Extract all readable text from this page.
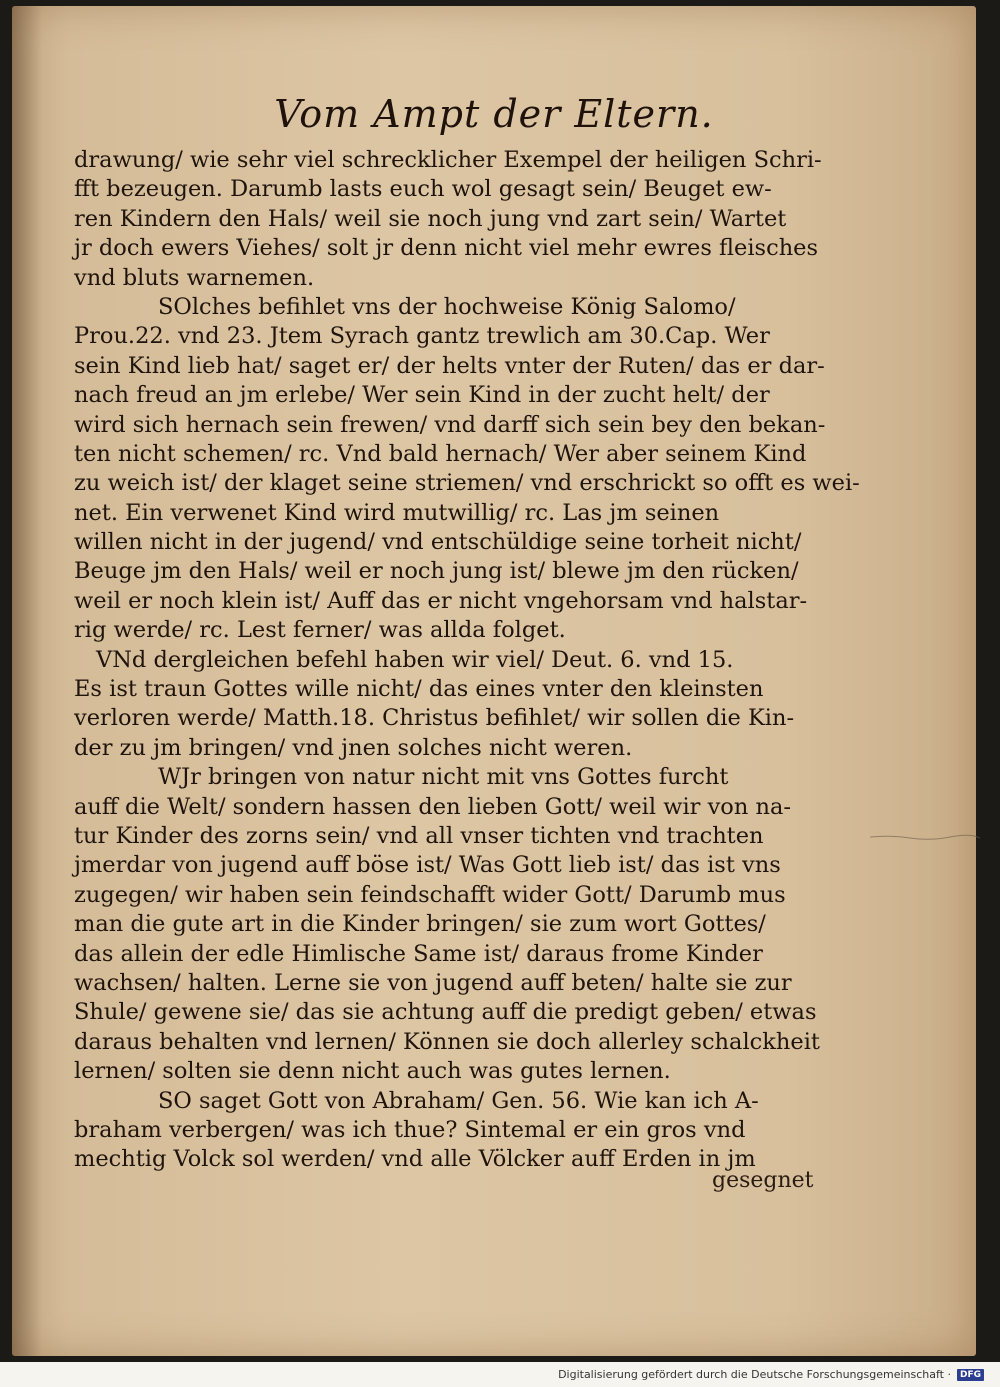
Vom Ampt der Eltern.
drawung/ wie sehr viel schrecklicher Exempel der heiligen Schri-
fft bezeugen. Darumb lasts euch wol gesagt sein/ Beuget ew-
ren Kindern den Hals/ weil sie noch jung vnd zart sein/ Wartet
jr doch ewers Viehes/ solt jr denn nicht viel mehr ewres fleisches
vnd bluts warnemen.
SOlches befihlet vns der hochweise König Salomo/
Prou.22. vnd 23. Jtem Syrach gantz trewlich am 30.Cap. Wer
sein Kind lieb hat/ saget er/ der helts vnter der Ruten/ das er dar-
nach freud an jm erlebe/ Wer sein Kind in der zucht helt/ der
wird sich hernach sein frewen/ vnd darff sich sein bey den bekan-
ten nicht schemen/ rc. Vnd bald hernach/ Wer aber seinem Kind
zu weich ist/ der klaget seine striemen/ vnd erschrickt so offt es wei-
net. Ein verwenet Kind wird mutwillig/ rc. Las jm seinen
willen nicht in der jugend/ vnd entschüldige seine torheit nicht/
Beuge jm den Hals/ weil er noch jung ist/ blewe jm den rücken/
weil er noch klein ist/ Auff das er nicht vngehorsam vnd halstar-
rig werde/ rc. Lest ferner/ was allda folget.
VNd dergleichen befehl haben wir viel/ Deut. 6. vnd 15.
Es ist traun Gottes wille nicht/ das eines vnter den kleinsten
verloren werde/ Matth.18. Christus befihlet/ wir sollen die Kin-
der zu jm bringen/ vnd jnen solches nicht weren.
WJr bringen von natur nicht mit vns Gottes furcht
auff die Welt/ sondern hassen den lieben Gott/ weil wir von na-
tur Kinder des zorns sein/ vnd all vnser tichten vnd trachten
jmerdar von jugend auff böse ist/ Was Gott lieb ist/ das ist vns
zugegen/ wir haben sein feindschafft wider Gott/ Darumb mus
man die gute art in die Kinder bringen/ sie zum wort Gottes/
das allein der edle Himlische Same ist/ daraus frome Kinder
wachsen/ halten. Lerne sie von jugend auff beten/ halte sie zur
Shule/ gewene sie/ das sie achtung auff die predigt geben/ etwas
daraus behalten vnd lernen/ Können sie doch allerley schalckheit
lernen/ solten sie denn nicht auch was gutes lernen.
SO saget Gott von Abraham/ Gen. 56. Wie kan ich A-
braham verbergen/ was ich thue? Sintemal er ein gros vnd
mechtig Volck sol werden/ vnd alle Völcker auff Erden in jm
gesegnet
Digitalisierung gefördert durch die Deutsche Forschungsgemeinschaft ·	DFG
